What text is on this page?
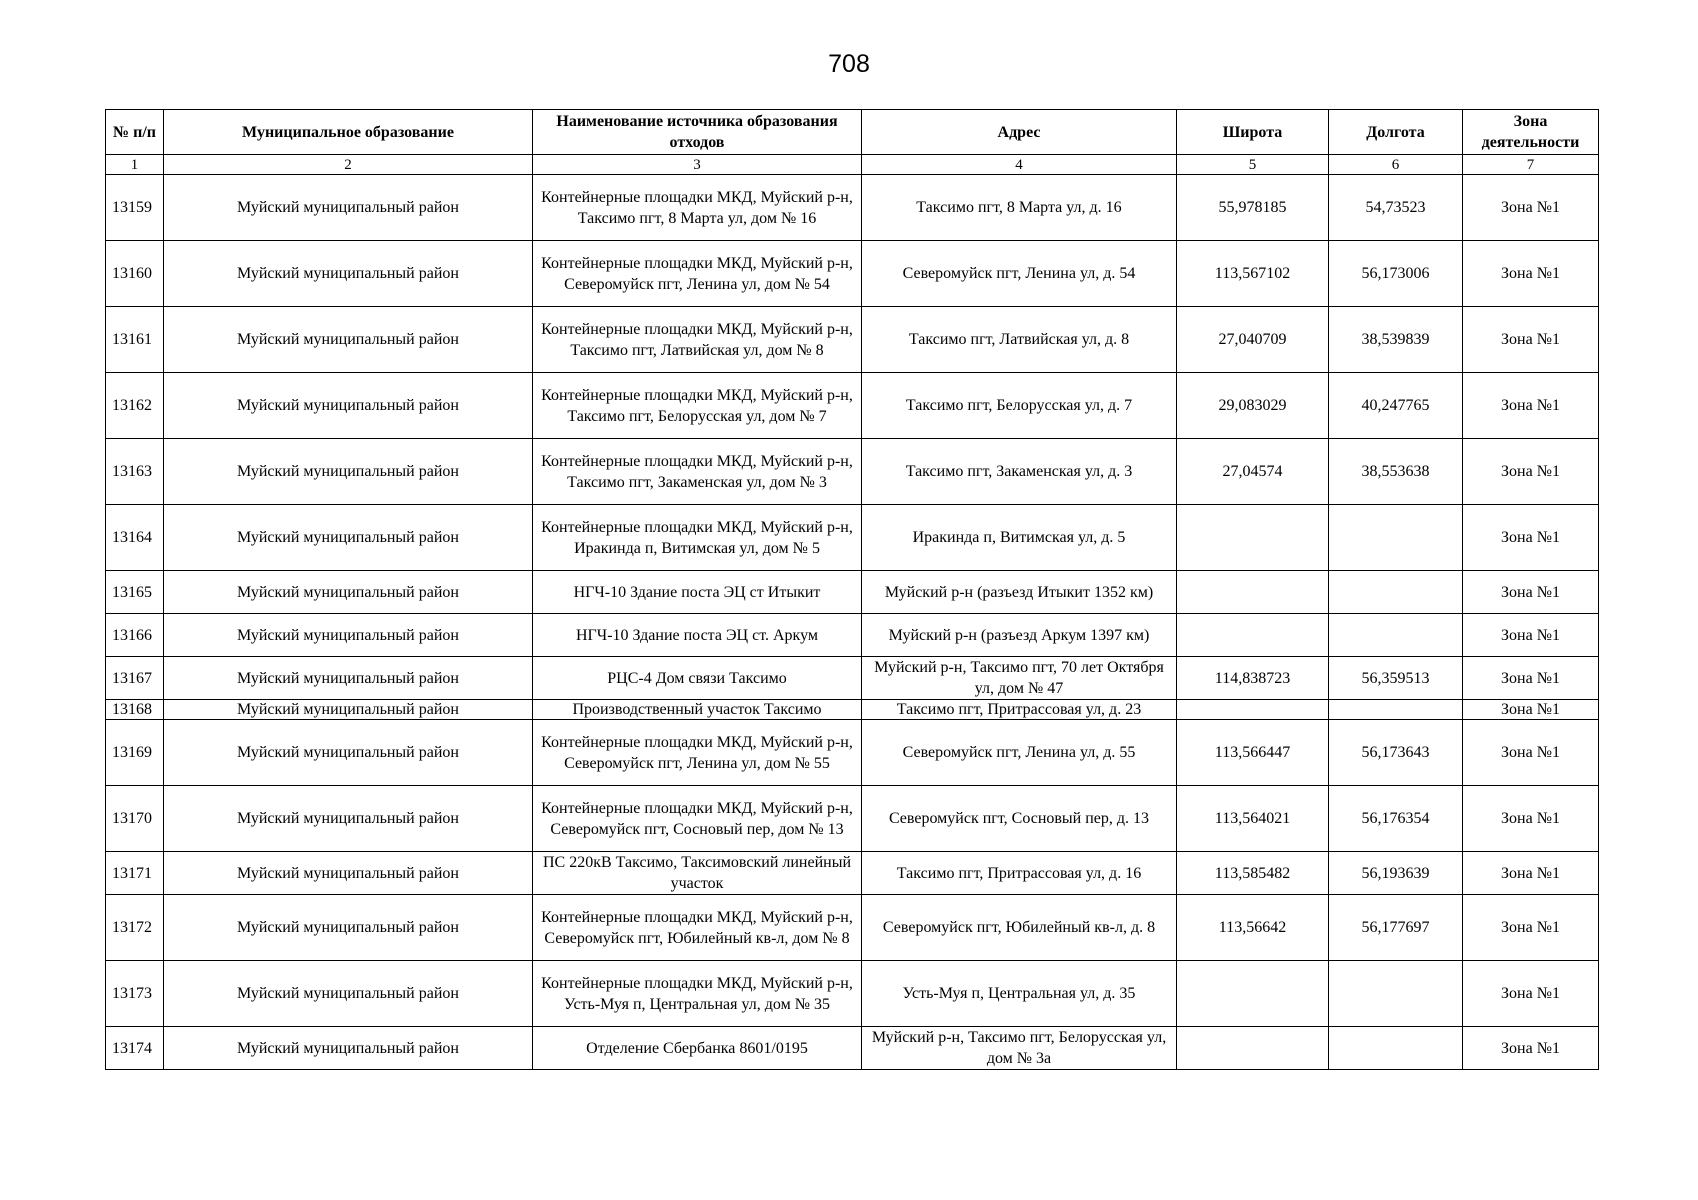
708
№ п/п	Муниципальное образование	Наименование источника образования отходов	Адрес	Широта	Долгота	Зона деятельности
1	2	3	4	5	6	7
13159	Муйский муниципальный район	Контейнерные площадки МКД, Муйский р-н, Таксимо пгт, 8 Марта ул, дом № 16	Таксимо пгт, 8 Марта ул, д. 16	55,978185	54,73523	Зона №1
13160	Муйский муниципальный район	Контейнерные площадки МКД, Муйский р-н, Северомуйск пгт, Ленина ул, дом № 54	Северомуйск пгт, Ленина ул, д. 54	113,567102	56,173006	Зона №1
13161	Муйский муниципальный район	Контейнерные площадки МКД, Муйский р-н, Таксимо пгт, Латвийская ул, дом № 8	Таксимо пгт, Латвийская ул, д. 8	27,040709	38,539839	Зона №1
13162	Муйский муниципальный район	Контейнерные площадки МКД, Муйский р-н, Таксимо пгт, Белорусская ул, дом № 7	Таксимо пгт, Белорусская ул, д. 7	29,083029	40,247765	Зона №1
13163	Муйский муниципальный район	Контейнерные площадки МКД, Муйский р-н, Таксимо пгт, Закаменская ул, дом № 3	Таксимо пгт, Закаменская ул, д. 3	27,04574	38,553638	Зона №1
13164	Муйский муниципальный район	Контейнерные площадки МКД, Муйский р-н, Иракинда п, Витимская ул, дом № 5	Иракинда п, Витимская ул, д. 5			Зона №1
13165	Муйский муниципальный район	НГЧ-10 Здание поста ЭЦ ст Итыкит	Муйский р-н (разъезд Итыкит 1352 км)			Зона №1
13166	Муйский муниципальный район	НГЧ-10 Здание поста ЭЦ ст. Аркум	Муйский р-н (разъезд Аркум 1397 км)			Зона №1
13167	Муйский муниципальный район	РЦС-4 Дом связи Таксимо	Муйский р-н, Таксимо пгт, 70 лет Октября ул, дом № 47	114,838723	56,359513	Зона №1
13168	Муйский муниципальный район	Производственный участок Таксимо	Таксимо пгт, Притрассовая ул, д. 23			Зона №1
13169	Муйский муниципальный район	Контейнерные площадки МКД, Муйский р-н, Северомуйск пгт, Ленина ул, дом № 55	Северомуйск пгт, Ленина ул, д. 55	113,566447	56,173643	Зона №1
13170	Муйский муниципальный район	Контейнерные площадки МКД, Муйский р-н, Северомуйск пгт, Сосновый пер, дом № 13	Северомуйск пгт, Сосновый пер, д. 13	113,564021	56,176354	Зона №1
13171	Муйский муниципальный район	ПС 220кВ Таксимо, Таксимовский линейный участок	Таксимо пгт, Притрассовая ул, д. 16	113,585482	56,193639	Зона №1
13172	Муйский муниципальный район	Контейнерные площадки МКД, Муйский р-н, Северомуйск пгт, Юбилейный кв-л, дом № 8	Северомуйск пгт, Юбилейный кв-л, д. 8	113,56642	56,177697	Зона №1
13173	Муйский муниципальный район	Контейнерные площадки МКД, Муйский р-н, Усть-Муя п, Центральная ул, дом № 35	Усть-Муя п, Центральная ул, д. 35			Зона №1
13174	Муйский муниципальный район	Отделение Сбербанка 8601/0195	Муйский р-н, Таксимо пгт, Белорусская ул, дом № 3а			Зона №1
